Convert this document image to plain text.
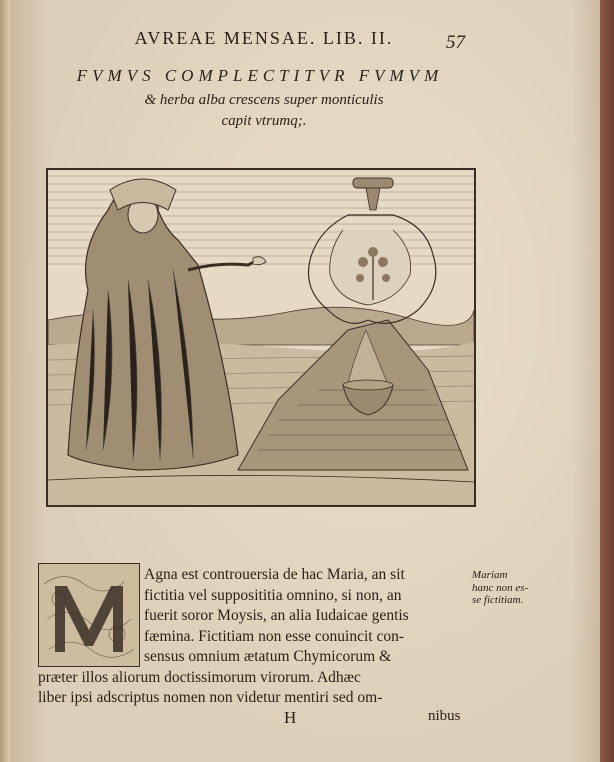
AVREAE MENSAE. LIB. II.	57
FVMVS COMPLECTITVR FVMVM
& herba alba crescens super monticulis
capit vtrumq;.
Agna est controuersia de hac Maria, an sit
fictitia vel supposititia omnino, si non, an
fuerit soror Moysis, an alia Iudaicae gentis
fæmina. Fictitiam non esse conuincit con-
sensus omnium ætatum Chymicorum &
præter illos aliorum doctissimorum virorum. Adhæc
liber ipsi adscriptus nomen non videtur mentiri sed om-
Mariam
hanc non es-
se fictitiam.
H	nibus
